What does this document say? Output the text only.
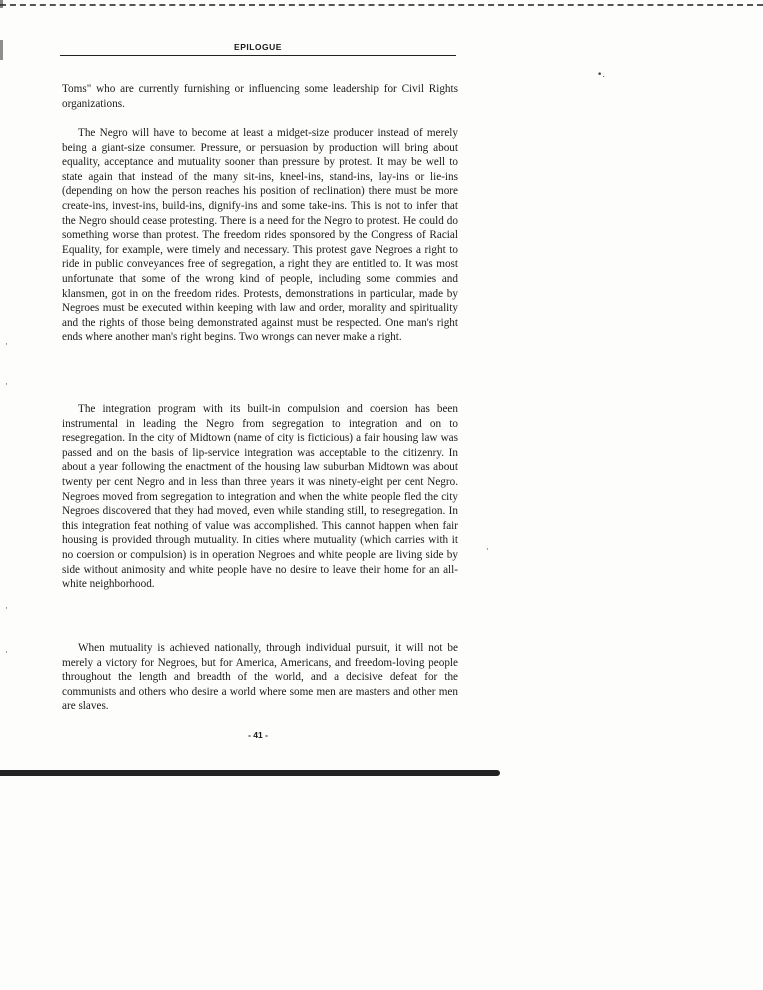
EPILOGUE
Toms" who are currently furnishing or influencing some leadership for Civil Rights organizations.
The Negro will have to become at least a midget-size producer instead of merely being a giant-size consumer. Pressure, or persuasion by production will bring about equality, acceptance and mutuality sooner than pressure by protest. It may be well to state again that instead of the many sit-ins, kneel-ins, stand-ins, lay-ins or lie-ins (depending on how the person reaches his position of reclination) there must be more create-ins, invest-ins, build-ins, dignify-ins and some take-ins. This is not to infer that the Negro should cease protesting. There is a need for the Negro to protest. He could do something worse than protest. The freedom rides sponsored by the Congress of Racial Equality, for example, were timely and necessary. This protest gave Negroes a right to ride in public conveyances free of segregation, a right they are entitled to. It was most unfortunate that some of the wrong kind of people, including some commies and klansmen, got in on the freedom rides. Protests, demonstrations in particular, made by Negroes must be executed within keeping with law and order, morality and spirituality and the rights of those being demonstrated against must be respected. One man's right ends where another man's right begins. Two wrongs can never make a right.
The integration program with its built-in compulsion and coersion has been instrumental in leading the Negro from segregation to integration and on to resegregation. In the city of Midtown (name of city is ficticious) a fair housing law was passed and on the basis of lip-service integration was acceptable to the citizenry. In about a year following the enactment of the housing law suburban Midtown was about twenty per cent Negro and in less than three years it was ninety-eight per cent Negro. Negroes moved from segregation to integration and when the white people fled the city Negroes discovered that they had moved, even while standing still, to resegregation. In this integration feat nothing of value was accomplished. This cannot happen when fair housing is provided through mutuality. In cities where mutuality (which carries with it no coersion or compulsion) is in operation Negroes and white people are living side by side without animosity and white people have no desire to leave their home for an all-white neighborhood.
When mutuality is achieved nationally, through individual pursuit, it will not be merely a victory for Negroes, but for America, Americans, and freedom-loving people throughout the length and breadth of the world, and a decisive defeat for the communists and others who desire a world where some men are masters and other men are slaves.
- 41 -
•.
·
·
·
·
·
